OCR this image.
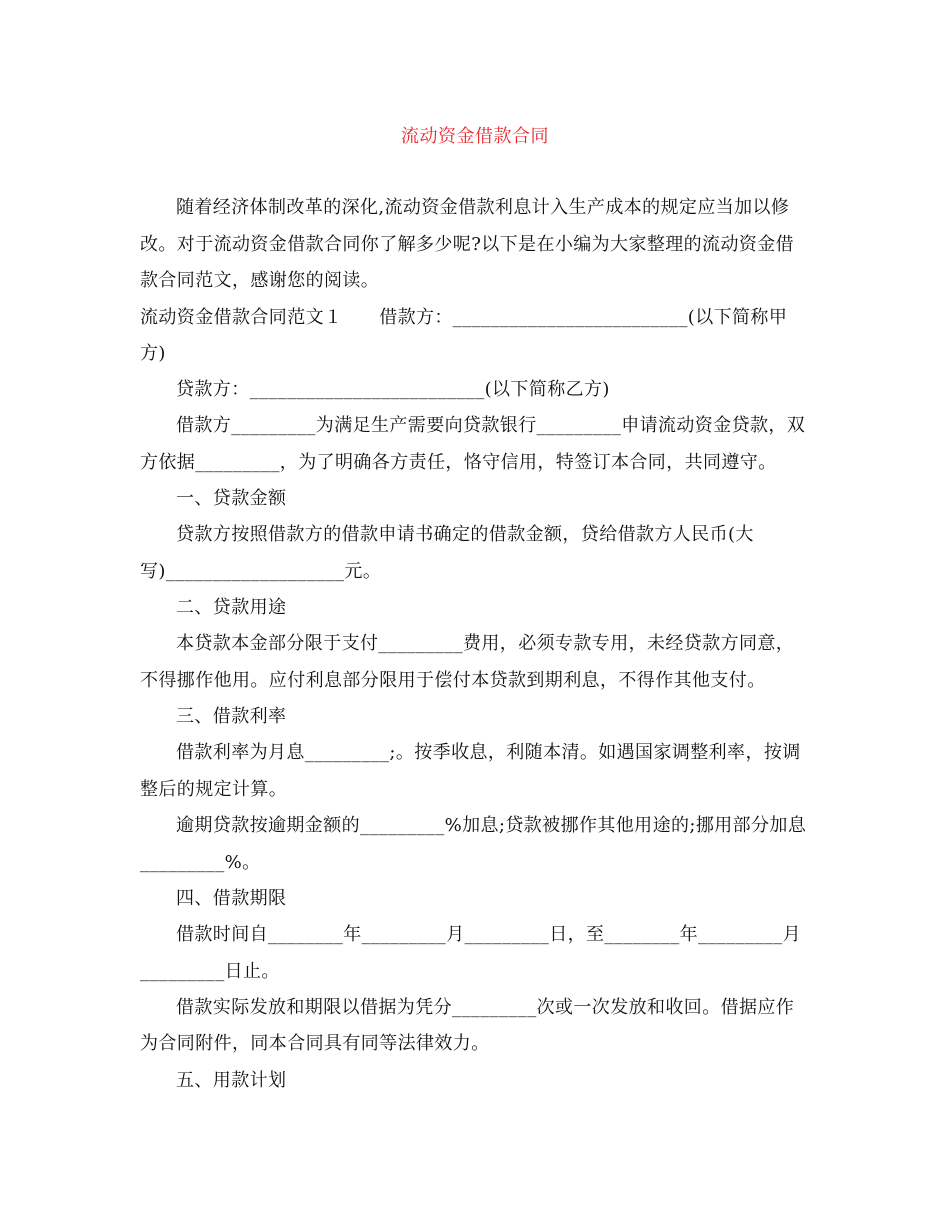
流动资金借款合同
随着经济体制改革的深化,流动资金借款利息计入生产成本的规定应当加以修
改。对于流动资金借款合同你了解多少呢?以下是在小编为大家整理的流动资金借
款合同范文，感谢您的阅读。
流动资金借款合同范文１　　借款方：_________________________(以下简称甲
方)
贷款方：_________________________(以下简称乙方)
借款方_________为满足生产需要向贷款银行_________申请流动资金贷款，双
方依据_________，为了明确各方责任，恪守信用，特签订本合同，共同遵守。
一、贷款金额
贷款方按照借款方的借款申请书确定的借款金额，贷给借款方人民币(大
写)___________________元。
二、贷款用途
本贷款本金部分限于支付_________费用，必须专款专用，未经贷款方同意，
不得挪作他用。应付利息部分限用于偿付本贷款到期利息，不得作其他支付。
三、借款利率
借款利率为月息_________;。按季收息，利随本清。如遇国家调整利率，按调
整后的规定计算。
逾期贷款按逾期金额的_________%加息;贷款被挪作其他用途的;挪用部分加息
_________%。
四、借款期限
借款时间自________年_________月_________日，至________年_________月
_________日止。
借款实际发放和期限以借据为凭分_________次或一次发放和收回。借据应作
为合同附件，同本合同具有同等法律效力。
五、用款计划
